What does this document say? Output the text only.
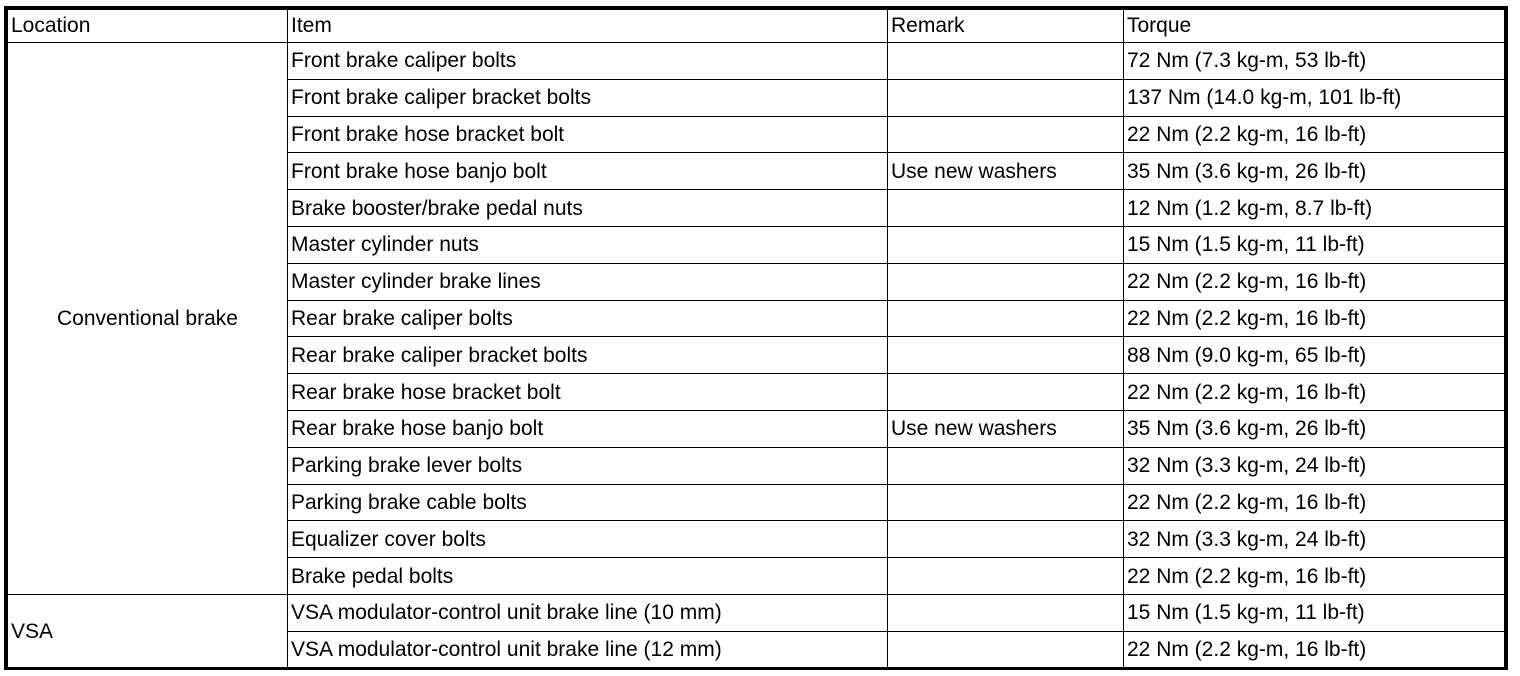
Location	Item	Remark	Torque
Conventional brake	Front brake caliper bolts		72 Nm (7.3 kg-m, 53 lb-ft)
	Front brake caliper bracket bolts		137 Nm (14.0 kg-m, 101 lb-ft)
	Front brake hose bracket bolt		22 Nm (2.2 kg-m, 16 lb-ft)
	Front brake hose banjo bolt	Use new washers	35 Nm (3.6 kg-m, 26 lb-ft)
	Brake booster/brake pedal nuts		12 Nm (1.2 kg-m, 8.7 lb-ft)
	Master cylinder nuts		15 Nm (1.5 kg-m, 11 lb-ft)
	Master cylinder brake lines		22 Nm (2.2 kg-m, 16 lb-ft)
	Rear brake caliper bolts		22 Nm (2.2 kg-m, 16 lb-ft)
	Rear brake caliper bracket bolts		88 Nm (9.0 kg-m, 65 lb-ft)
	Rear brake hose bracket bolt		22 Nm (2.2 kg-m, 16 lb-ft)
	Rear brake hose banjo bolt	Use new washers	35 Nm (3.6 kg-m, 26 lb-ft)
	Parking brake lever bolts		32 Nm (3.3 kg-m, 24 lb-ft)
	Parking brake cable bolts		22 Nm (2.2 kg-m, 16 lb-ft)
	Equalizer cover bolts		32 Nm (3.3 kg-m, 24 lb-ft)
	Brake pedal bolts		22 Nm (2.2 kg-m, 16 lb-ft)
VSA	VSA modulator-control unit brake line (10 mm)		15 Nm (1.5 kg-m, 11 lb-ft)
	VSA modulator-control unit brake line (12 mm)		22 Nm (2.2 kg-m, 16 lb-ft)
